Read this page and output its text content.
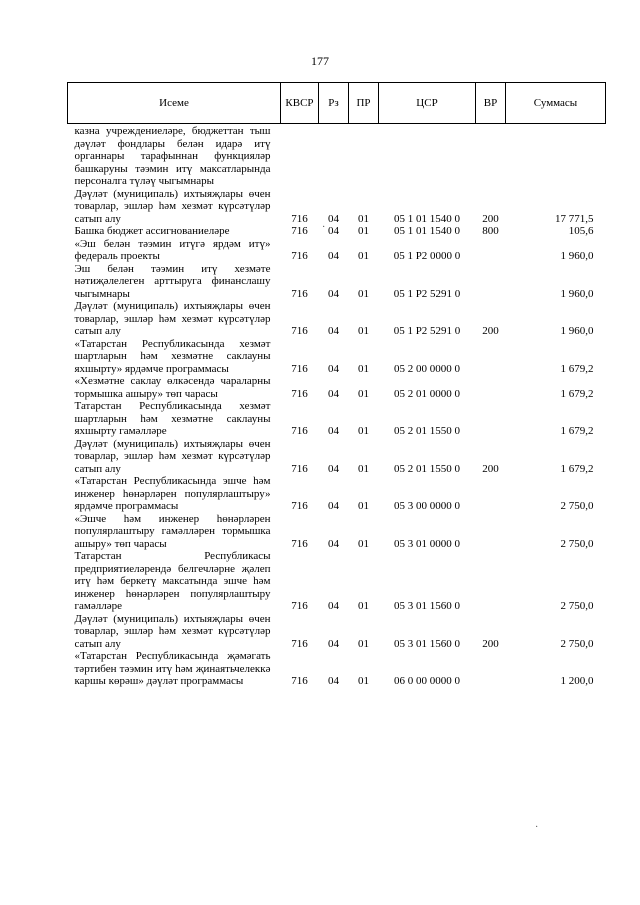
177
Исеме	КВСР	Рз	ПР	ЦСР	ВР	Суммасы
казна учреждениеләре, бюджеттан тыш дәүләт фондлары белән идарә итү органнары тарафыннан функцияләр башкаруны тәэмин итү максатларында персоналга түләү чыгымнары						
Дәүләт (муниципаль) ихтыяҗлары өчен товарлар, эшләр һәм хезмәт күрсәтүләр сатып алу	716	04	01	05 1 01 1540 0	200	17 771,5
Башка бюджет ассигнованиеләре	716	04	01	05 1 01 1540 0	800	105,6
«Эш белән тәэмин итүгә ярдәм итү» федераль проекты	716	04	01	05 1 P2 0000 0		1 960,0
Эш белән тәэмин итү хезмәте нәтиҗәлелеген арттыруга финанслашу чыгымнары	716	04	01	05 1 P2 5291 0		1 960,0
Дәүләт (муниципаль) ихтыяҗлары өчен товарлар, эшләр һәм хезмәт күрсәтүләр сатып алу	716	04	01	05 1 P2 5291 0	200	1 960,0
«Татарстан Республикасында хезмәт шартларын һәм хезмәтне саклауны яхшырту» ярдәмче программасы	716	04	01	05 2 00 0000 0		1 679,2
«Хезмәтне саклау өлкәсендә чараларны тормышка ашыру» төп чарасы	716	04	01	05 2 01 0000 0		1 679,2
Татарстан Республикасында хезмәт шартларын һәм хезмәтне саклауны яхшырту гамәлләре	716	04	01	05 2 01 1550 0		1 679,2
Дәүләт (муниципаль) ихтыяҗлары өчен товарлар, эшләр һәм хезмәт күрсәтүләр сатып алу	716	04	01	05 2 01 1550 0	200	1 679,2
«Татарстан Республикасында эшче һәм инженер һөнәрләрен популярлаштыру» ярдәмче программасы	716	04	01	05 3 00 0000 0		2 750,0
«Эшче һәм инженер һөнәрләрен популярлаштыру гамәлләрен тормышка ашыру» төп чарасы	716	04	01	05 3 01 0000 0		2 750,0
Татарстан Республикасы предприятиеләрендә белгечләрне җәлеп итү һәм беркетү максатында эшче һәм инженер һөнәрләрен популярлаштыру гамәлләре	716	04	01	05 3 01 1560 0		2 750,0
Дәүләт (муниципаль) ихтыяҗлары өчен товарлар, эшләр һәм хезмәт күрсәтүләр сатып алу	716	04	01	05 3 01 1560 0	200	2 750,0
«Татарстан Республикасында җәмәгать тәртибен тәэмин итү һәм җинаятьчелеккә каршы көрәш» дәүләт программасы	716	04	01	06 0 00 0000 0		1 200,0
·
·
